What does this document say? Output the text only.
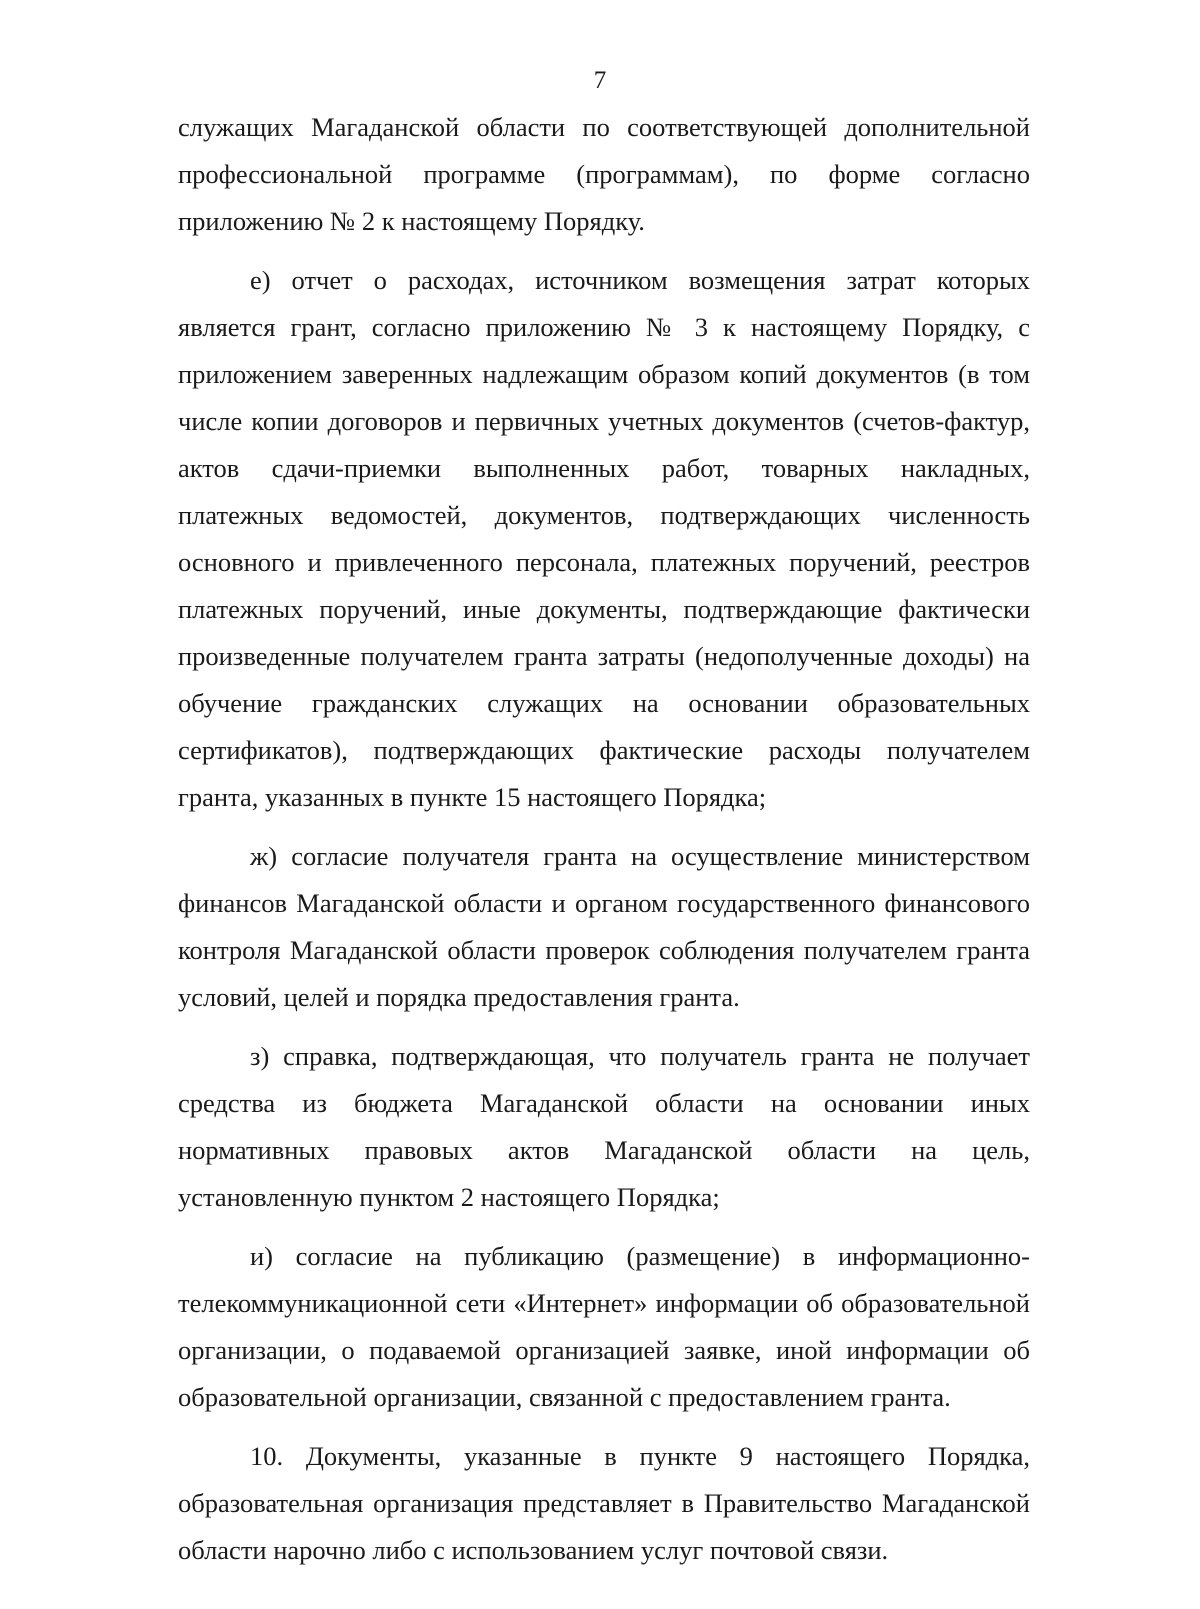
7

служащих Магаданской области по соответствующей дополнительной профессиональной программе (программам), по форме согласно приложению № 2 к настоящему Порядку.

е) отчет о расходах, источником возмещения затрат которых является грант, согласно приложению № 3 к настоящему Порядку, с приложением заверенных надлежащим образом копий документов (в том числе копии договоров и первичных учетных документов (счетов-фактур, актов сдачи-приемки выполненных работ, товарных накладных, платежных ведомостей, документов, подтверждающих численность основного и привлеченного персонала, платежных поручений, реестров платежных поручений, иные документы, подтверждающие фактически произведенные получателем гранта затраты (недополученные доходы) на обучение гражданских служащих на основании образовательных сертификатов), подтверждающих фактические расходы получателем гранта, указанных в пункте 15 настоящего Порядка;

ж) согласие получателя гранта на осуществление министерством финансов Магаданской области и органом государственного финансового контроля Магаданской области проверок соблюдения получателем гранта условий, целей и порядка предоставления гранта.

з) справка, подтверждающая, что получатель гранта не получает средства из бюджета Магаданской области на основании иных нормативных правовых актов Магаданской области на цель, установленную пунктом 2 настоящего Порядка;

и) согласие на публикацию (размещение) в информационно-телекоммуникационной сети «Интернет» информации об образовательной организации, о подаваемой организацией заявке, иной информации об образовательной организации, связанной с предоставлением гранта.

10. Документы, указанные в пункте 9 настоящего Порядка, образовательная организация представляет в Правительство Магаданской области нарочно либо с использованием услуг почтовой связи.
